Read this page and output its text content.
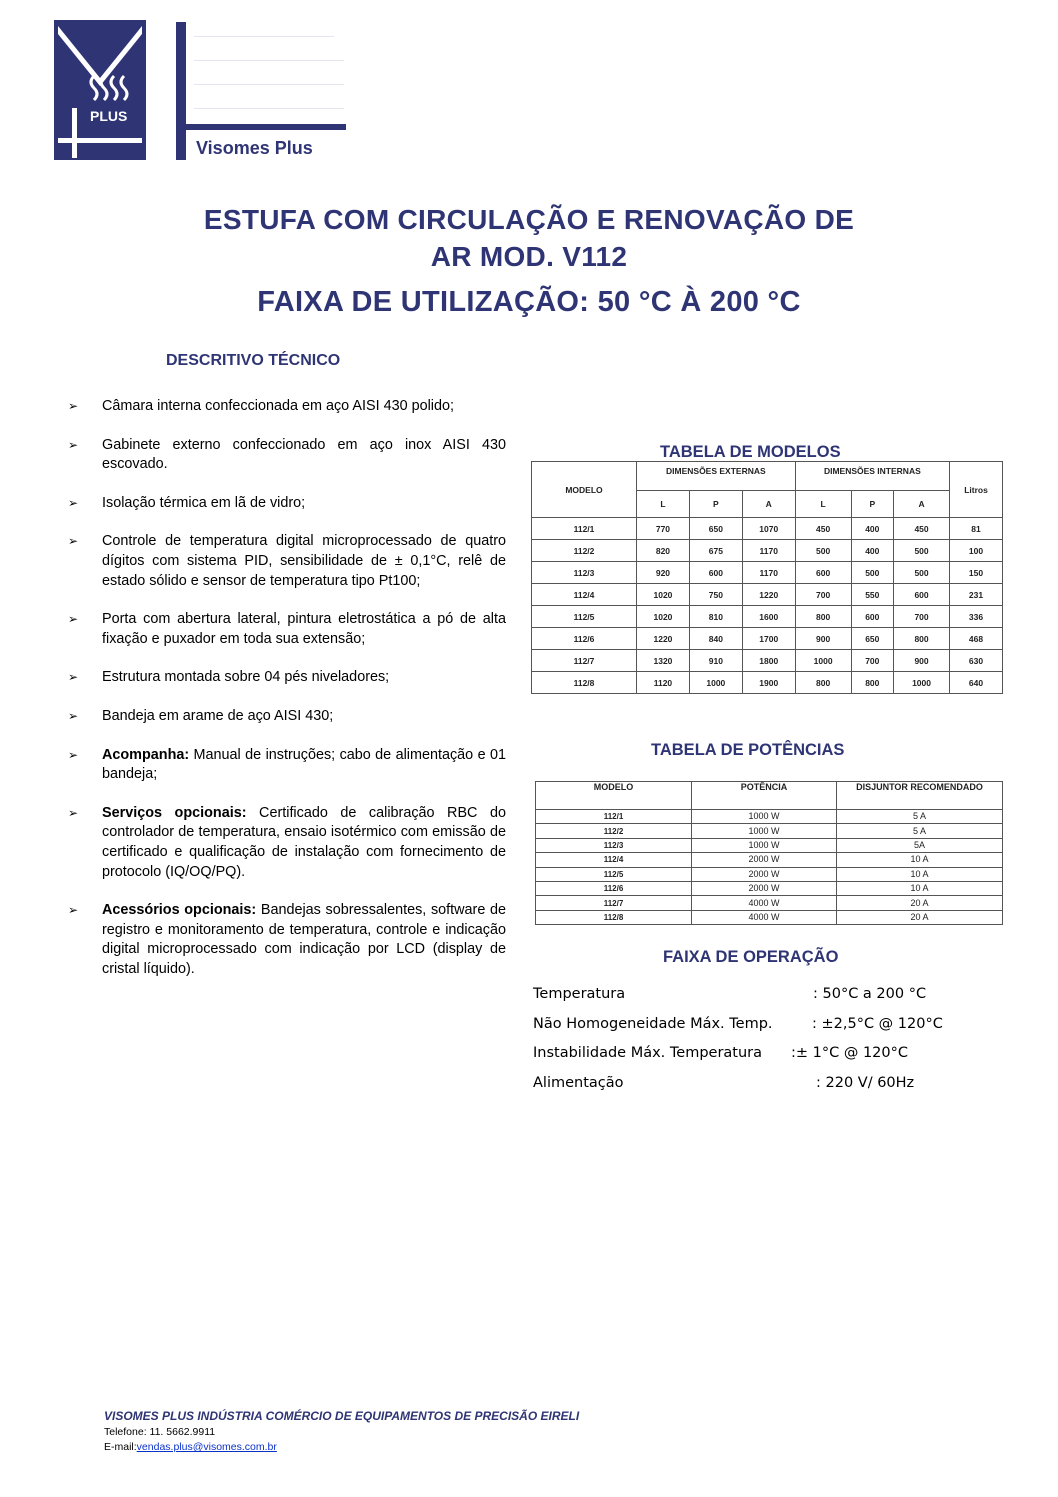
PLUS
Visomes Plus
ESTUFA COM CIRCULAÇÃO E RENOVAÇÃO DE
AR MOD. V112
FAIXA DE UTILIZAÇÃO: 50 °C À 200 °C
DESCRITIVO TÉCNICO
➢ Câmara interna confeccionada em aço AISI 430 polido;
➢ Gabinete externo confeccionado em aço inox AISI 430 escovado.
➢ Isolação térmica em lã de vidro;
➢ Controle de temperatura digital microprocessado de quatro dígitos com sistema PID, sensibilidade de ± 0,1°C, relê de estado sólido e sensor de temperatura tipo Pt100;
➢ Porta com abertura lateral, pintura eletrostática a pó de alta fixação e puxador em toda sua extensão;
➢ Estrutura montada sobre 04 pés niveladores;
➢ Bandeja em arame de aço AISI 430;
➢ Acompanha: Manual de instruções; cabo de alimentação e 01 bandeja;
➢ Serviços opcionais: Certificado de calibração RBC do controlador de temperatura, ensaio isotérmico com emissão de certificado e qualificação de instalação com fornecimento de protocolo (IQ/OQ/PQ).
➢ Acessórios opcionais: Bandejas sobressalentes, software de registro e monitoramento de temperatura, controle e indicação digital microprocessado com indicação por LCD (display de cristal líquido).
TABELA DE MODELOS
MODELO	DIMENSÕES EXTERNAS			DIMENSÕES INTERNAS			Litros
	L	P	A	L	P	A	
112/1	770	650	1070	450	400	450	81
112/2	820	675	1170	500	400	500	100
112/3	920	600	1170	600	500	500	150
112/4	1020	750	1220	700	550	600	231
112/5	1020	810	1600	800	600	700	336
112/6	1220	840	1700	900	650	800	468
112/7	1320	910	1800	1000	700	900	630
112/8	1120	1000	1900	800	800	1000	640
TABELA DE POTÊNCIAS
MODELO	POTÊNCIA	DISJUNTOR RECOMENDADO
112/1	1000 W	5 A
112/2	1000 W	5 A
112/3	1000 W	5A
112/4	2000 W	10 A
112/5	2000 W	10 A
112/6	2000 W	10 A
112/7	4000 W	20 A
112/8	4000 W	20 A
FAIXA DE OPERAÇÃO
Temperatura	: 50°C a 200 °C
Não Homogeneidade Máx. Temp.	: ±2,5°C @ 120°C
Instabilidade Máx. Temperatura :± 1°C @ 120°C
Alimentação	: 220 V/ 60Hz
VISOMES PLUS INDÚSTRIA COMÉRCIO DE EQUIPAMENTOS DE PRECISÃO EIRELI
Telefone: 11. 5662.9911
E-mail:vendas.plus@visomes.com.br
